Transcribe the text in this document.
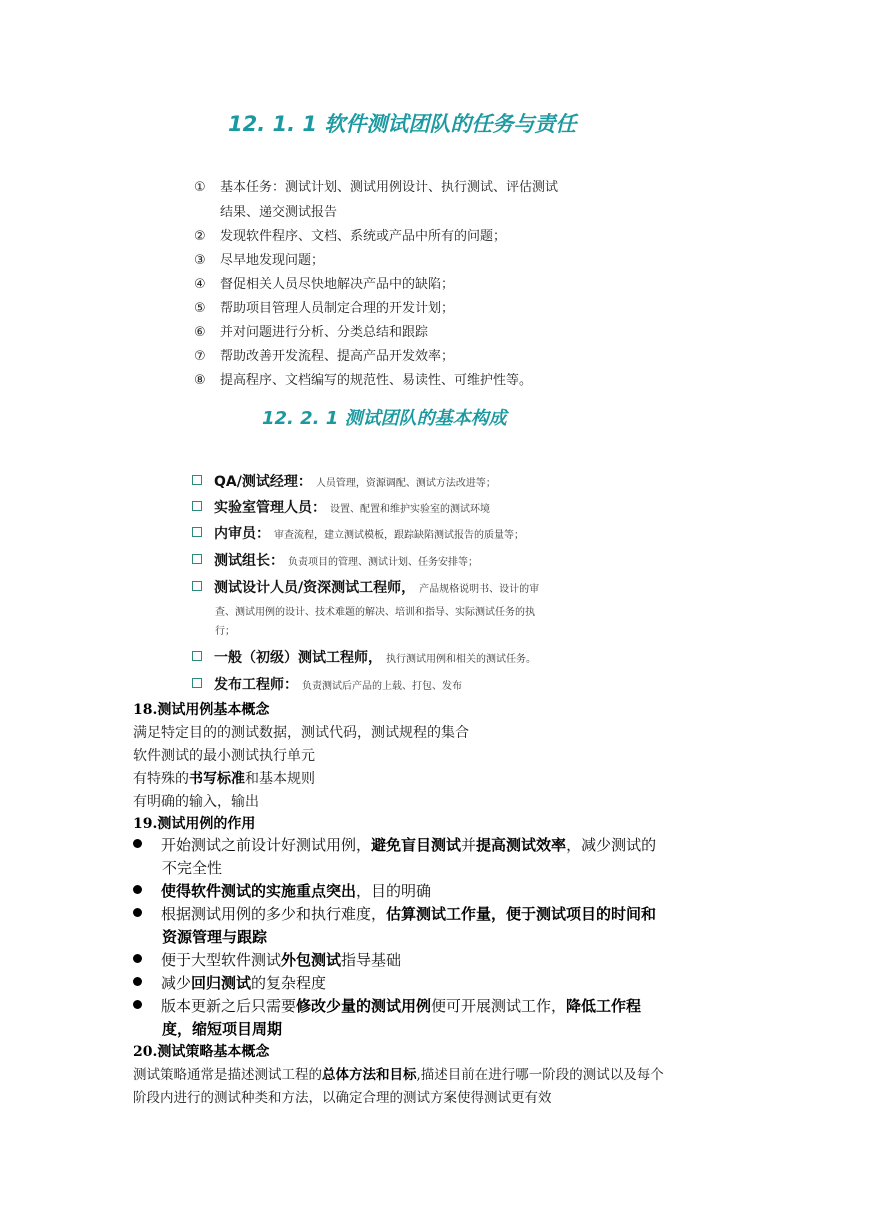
12. 1. 1 软件测试团队的任务与责任
① 基本任务：测试计划、测试用例设计、执行测试、评估测试
结果、递交测试报告
② 发现软件程序、文档、系统或产品中所有的问题；
③ 尽早地发现问题；
④ 督促相关人员尽快地解决产品中的缺陷；
⑤ 帮助项目管理人员制定合理的开发计划；
⑥ 并对问题进行分析、分类总结和跟踪
⑦ 帮助改善开发流程、提高产品开发效率；
⑧ 提高程序、文档编写的规范性、易读性、可维护性等。
12. 2. 1 测试团队的基本构成
QA/测试经理： 人员管理，资源调配、测试方法改进等；
实验室管理人员： 设置、配置和维护实验室的测试环境
内审员： 审查流程，建立测试模板，跟踪缺陷测试报告的质量等；
测试组长： 负责项目的管理、测试计划、任务安排等；
测试设计人员/资深测试工程师， 产品规格说明书、设计的审
查、测试用例的设计、技术难题的解决、培训和指导、实际测试任务的执
行；
一般（初级）测试工程师， 执行测试用例和相关的测试任务。
发布工程师： 负责测试后产品的上载、打包、发布
18.测试用例基本概念
满足特定目的的测试数据，测试代码，测试规程的集合
软件测试的最小测试执行单元
有特殊的书写标准和基本规则
有明确的输入，输出
19.测试用例的作用
开始测试之前设计好测试用例，避免盲目测试并提高测试效率，减少测试的
不完全性
使得软件测试的实施重点突出，目的明确
根据测试用例的多少和执行难度，估算测试工作量，便于测试项目的时间和
资源管理与跟踪
便于大型软件测试外包测试指导基础
减少回归测试的复杂程度
版本更新之后只需要修改少量的测试用例便可开展测试工作，降低工作程
度，缩短项目周期
20.测试策略基本概念
测试策略通常是描述测试工程的总体方法和目标,描述目前在进行哪一阶段的测试以及每个
阶段内进行的测试种类和方法，以确定合理的测试方案使得测试更有效
